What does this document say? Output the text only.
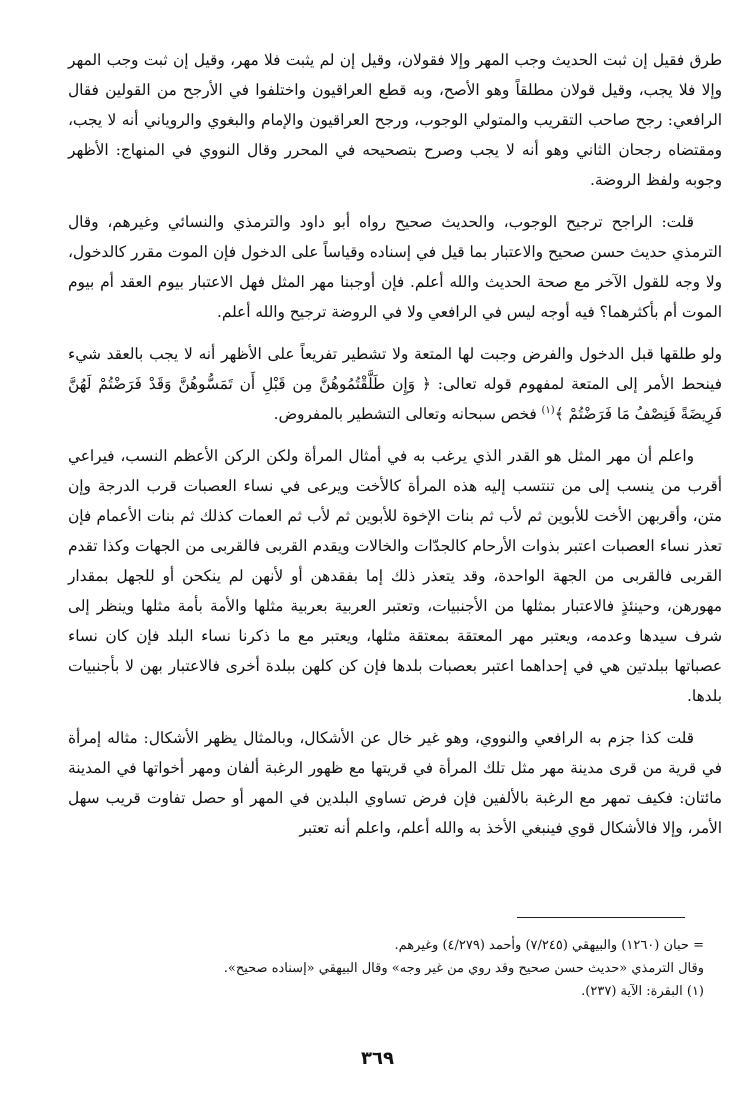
طرق فقيل إن ثبت الحديث وجب المهر وإلا فقولان، وقيل إن لم يثبت فلا مهر، وقيل إن ثبت وجب المهر وإلا فلا يجب، وقيل قولان مطلقاً وهو الأصح، وبه قطع العراقيون واختلفوا في الأرجح من القولين فقال الرافعي: رجح صاحب التقريب والمتولي الوجوب، ورجح العراقيون والإمام والبغوي والروياني أنه لا يجب، ومقتضاه رجحان الثاني وهو أنه لا يجب وصرح بتصحيحه في المحرر وقال النووي في المنهاج: الأظهر وجوبه ولفظ الروضة.

قلت: الراجح ترجيح الوجوب، والحديث صحيح رواه أبو داود والترمذي والنسائي وغيرهم، وقال الترمذي حديث حسن صحيح والاعتبار بما قيل في إسناده وقياساً على الدخول فإن الموت مقرر كالدخول، ولا وجه للقول الآخر مع صحة الحديث والله أعلم. فإن أوجبنا مهر المثل فهل الاعتبار بيوم العقد أم بيوم الموت أم بأكثرهما؟ فيه أوجه ليس في الرافعي ولا في الروضة ترجيح والله أعلم.

ولو طلقها قبل الدخول والفرض وجبت لها المتعة ولا تشطير تفريعاً على الأظهر أنه لا يجب بالعقد شيء فينحط الأمر إلى المتعة لمفهوم قوله تعالى: ﴿ وَإِن طَلَّقْتُمُوهُنَّ مِن قَبْلِ أَن تَمَسُّوهُنَّ وَقَدْ فَرَضْتُمْ لَهُنَّ فَرِيضَةً فَنِصْفُ مَا فَرَضْتُمْ ﴾$^{(١)}$ فخص سبحانه وتعالى التشطير بالمفروض.

واعلم أن مهر المثل هو القدر الذي يرغب به في أمثال المرأة ولكن الركن الأعظم النسب، فيراعي أقرب من ينسب إلى من تنتسب إليه هذه المرأة كالأخت ويرعى في نساء العصبات قرب الدرجة وإن متن، وأقربهن الأخت للأبوين ثم لأب ثم بنات الإخوة للأبوين ثم لأب ثم العمات كذلك ثم بنات الأعمام فإن تعذر نساء العصبات اعتبر بذوات الأرحام كالجدّات والخالات ويقدم القربى فالقربى من الجهات وكذا تقدم القربى فالقربى من الجهة الواحدة، وقد يتعذر ذلك إما بفقدهن أو لأنهن لم ينكحن أو للجهل بمقدار مهورهن، وحينئذٍ فالاعتبار بمثلها من الأجنبيات، وتعتبر العربية بعربية مثلها والأمة بأمة مثلها وينظر إلى شرف سيدها وعدمه، ويعتبر مهر المعتقة بمعتقة مثلها، ويعتبر مع ما ذكرنا نساء البلد فإن كان نساء عصباتها ببلدتين هي في إحداهما اعتبر بعصبات بلدها فإن كن كلهن ببلدة أخرى فالاعتبار بهن لا بأجنبيات بلدها.

قلت كذا جزم به الرافعي والنووي، وهو غير خال عن الأشكال، وبالمثال يظهر الأشكال: مثاله إمرأة في قرية من قرى مدينة مهر مثل تلك المرأة في قريتها مع ظهور الرغبة ألفان ومهر أخواتها في المدينة مائتان: فكيف تمهر مع الرغبة بالألفين فإن فرض تساوي البلدين في المهر أو حصل تفاوت قريب سهل الأمر، وإلا فالأشكال قوي فينبغي الأخذ به والله أعلم، واعلم أنه تعتبر

= حبان (١٢٦٠) والبيهقي (٧/٢٤٥) وأحمد (٤/٢٧٩) وغيرهم.
وقال الترمذي «حديث حسن صحيح وقد روي من غير وجه» وقال البيهقي «إسناده صحيح».
(١) البقرة: الآية (٢٣٧).
٣٦٩
